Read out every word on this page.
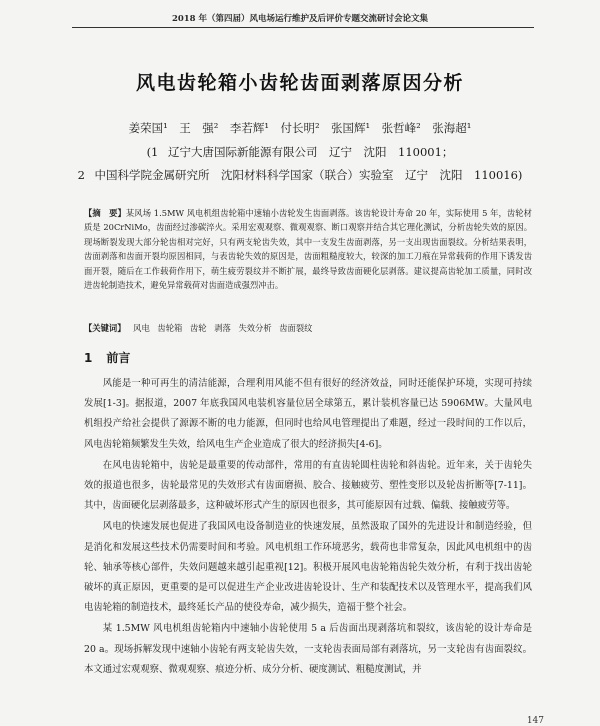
2018 年（第四届）风电场运行维护及后评价专题交流研讨会论文集
风电齿轮箱小齿轮齿面剥落原因分析
姜荣国¹　王　强²　李若辉¹　付长明²　张国辉¹　张哲峰²　张海超¹
(1 辽宁大唐国际新能源有限公司　辽宁　沈阳　110001；
2 中国科学院金属研究所　沈阳材料科学国家（联合）实验室　辽宁　沈阳　110016)
【摘　要】某风场 1.5MW 风电机组齿轮箱中速轴小齿轮发生齿面剥落。该齿轮设计寿命 20 年，实际使用 5 年，齿轮材质是 20CrNiMo，齿面经过渗碳淬火。采用宏观观察、微观观察、断口观察并结合其它理化测试，分析齿轮失效的原因。现场断裂发现大部分轮齿相对完好，只有两支轮齿失效，其中一支发生齿面剥落，另一支出现齿面裂纹。分析结果表明，齿面剥落和齿面开裂均原因相同，与表齿轮失效的原因是，齿面粗糙度较大，较深的加工刀痕在异常载荷的作用下诱发齿面开裂，随后在工作载荷作用下，萌生疲劳裂纹并不断扩展，最终导致齿面硬化层剥落。建议提高齿轮加工质量，同时改进齿轮制造技术，避免异常载荷对齿面造成强烈冲击。
【关键词】 风电 齿轮箱 齿轮 剥落 失效分析 齿面裂纹
1 前言

风能是一种可再生的清洁能源，合理利用风能不但有很好的经济效益，同时还能保护环境，实现可持续发展[1-3]。据报道，2007 年底我国风电装机容量位居全球第五，累计装机容量已达 5906MW。大量风电机组投产给社会提供了源源不断的电力能源，但同时也给风电管理提出了难题，经过一段时间的工作以后，风电齿轮箱频繁发生失效，给风电生产企业造成了很大的经济损失[4-6]。

在风电齿轮箱中，齿轮是最重要的传动部件，常用的有直齿轮圆柱齿轮和斜齿轮。近年来，关于齿轮失效的报道也很多，齿轮最常见的失效形式有齿面磨损、胶合、接触疲劳、塑性变形以及轮齿折断等[7-11]。其中，齿面硬化层剥落最多，这种破坏形式产生的原因也很多，其可能原因有过载、偏载、接触疲劳等。

风电的快速发展也促进了我国风电设备制造业的快速发展，虽然汲取了国外的先进设计和制造经验，但是消化和发展这些技术仍需要时间和考验。风电机组工作环境恶劣，载荷也非常复杂，因此风电机组中的齿轮、轴承等核心部件，失效问题越来越引起重视[12]。积极开展风电齿轮箱齿轮失效分析，有利于找出齿轮破坏的真正原因，更重要的是可以促进生产企业改进齿轮设计、生产和装配技术以及管理水平，提高我们风电齿轮箱的制造技术，最终延长产品的使役寿命，减少损失，造福于整个社会。

某 1.5MW 风电机组齿轮箱内中速轴小齿轮使用 5 a 后齿面出现剥落坑和裂纹，该齿轮的设计寿命是 20 a。现场拆解发现中速轴小齿轮有两支轮齿失效，一支轮齿表面局部有剥落坑，另一支轮齿有齿面裂纹。本文通过宏观观察、微观观察、痕迹分析、成分分析、硬度测试、粗糙度测试，并

147
